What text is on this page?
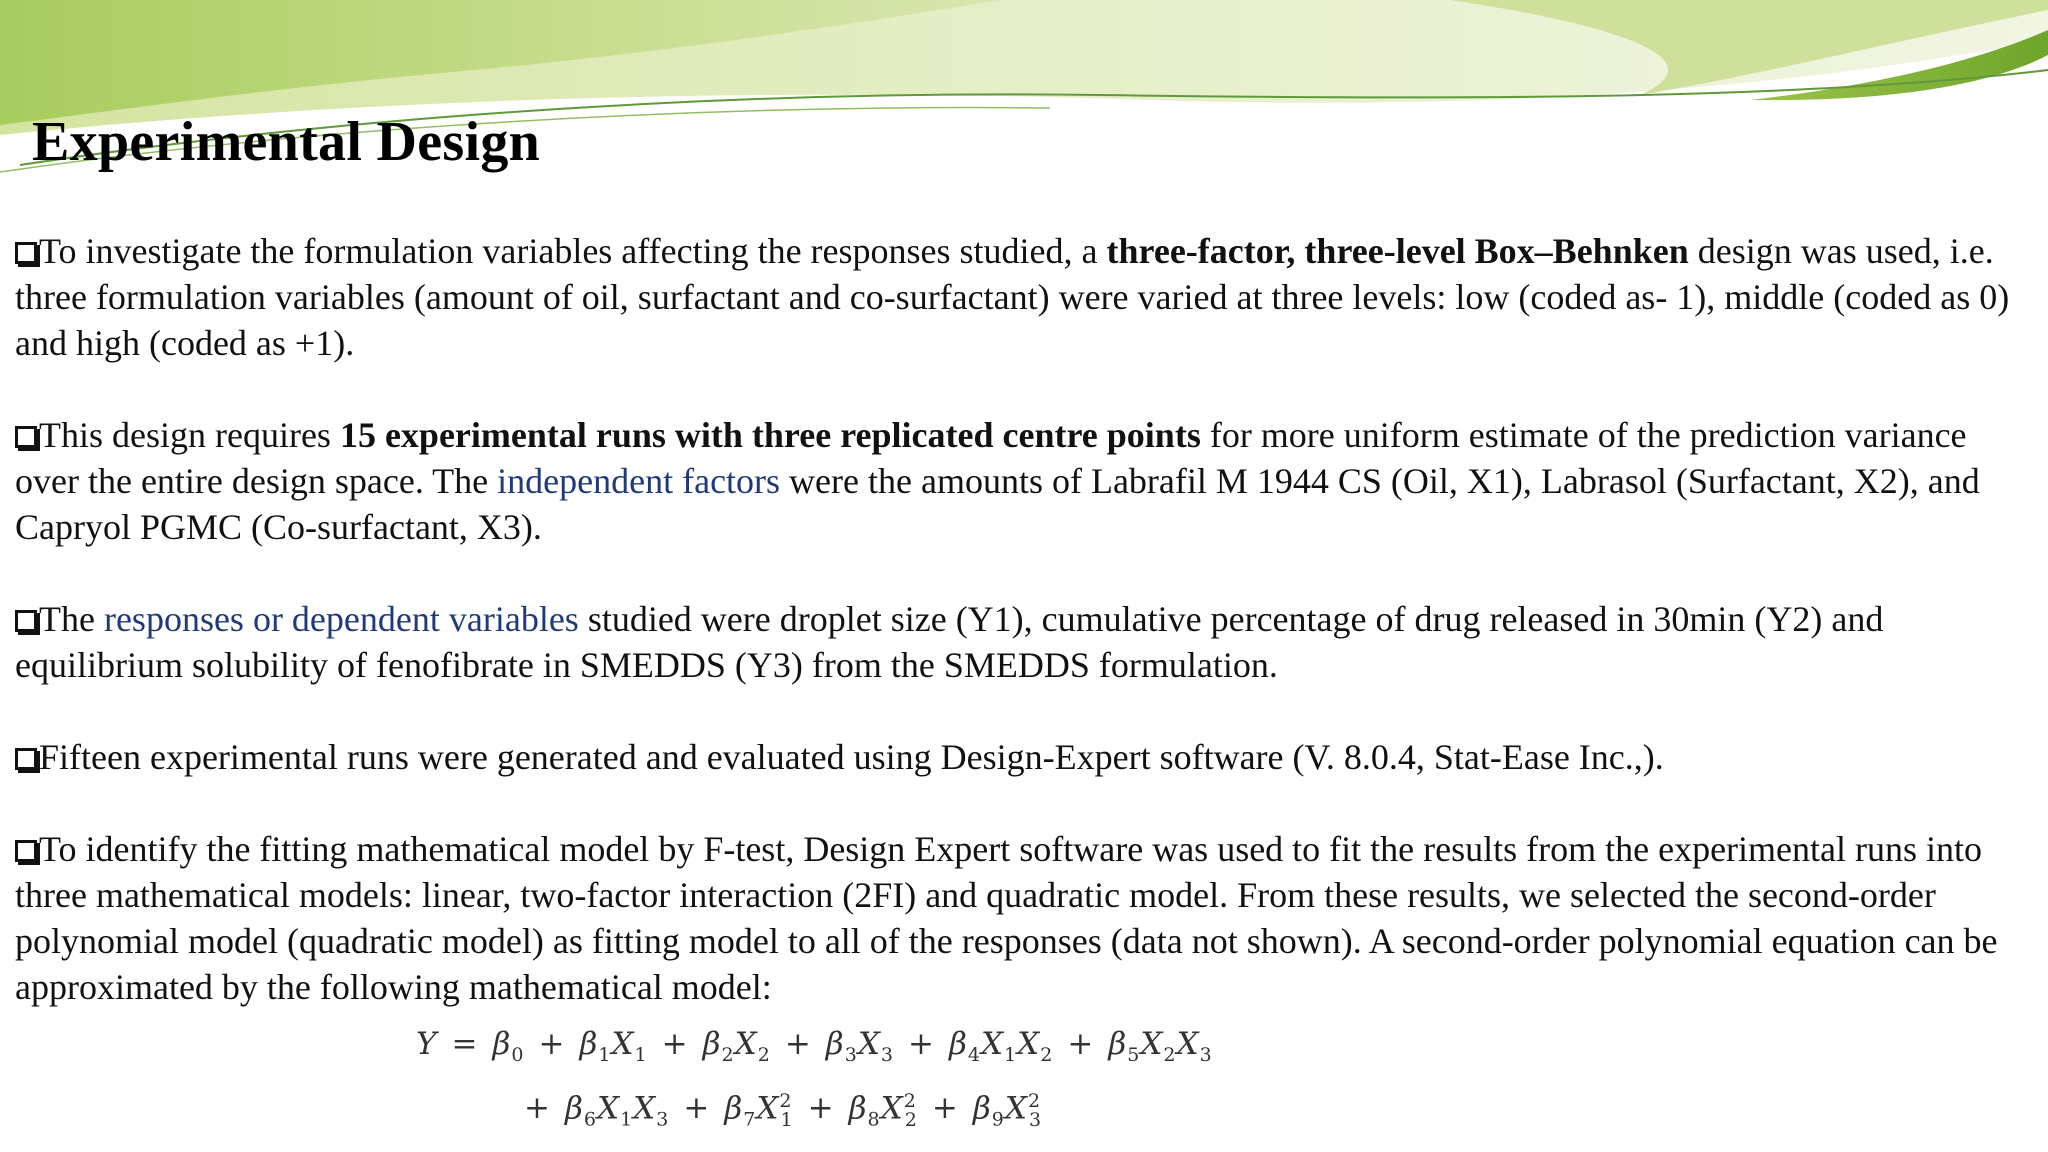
Experimental Design

To investigate the formulation variables affecting the responses studied, a three-factor, three-level Box–Behnken design was used, i.e. three formulation variables (amount of oil, surfactant and co-surfactant) were varied at three levels: low (coded as- 1), middle (coded as 0) and high (coded as +1).

This design requires 15 experimental runs with three replicated centre points for more uniform estimate of the prediction variance over the entire design space. The independent factors were the amounts of Labrafil M 1944 CS (Oil, X1), Labrasol (Surfactant, X2), and Capryol PGMC (Co-surfactant, X3).

The responses or dependent variables studied were droplet size (Y1), cumulative percentage of drug released in 30min (Y2) and equilibrium solubility of fenofibrate in SMEDDS (Y3) from the SMEDDS formulation.

Fifteen experimental runs were generated and evaluated using Design-Expert software (V. 8.0.4, Stat-Ease Inc.,).

To identify the fitting mathematical model by F-test, Design Expert software was used to fit the results from the experimental runs into three mathematical models: linear, two-factor interaction (2FI) and quadratic model. From these results, we selected the second-order polynomial model (quadratic model) as fitting model to all of the responses (data not shown). A second-order polynomial equation can be approximated by the following mathematical model:

$Y = \beta_0 + \beta_1X_1 + \beta_2X_2 + \beta_3X_3 + \beta_4X_1X_2 + \beta_5X_2X_3$
+ $\beta_6X_1X_3 + \beta_7X^2_1 + \beta_8X^2_2 + \beta_9X^2_3$
